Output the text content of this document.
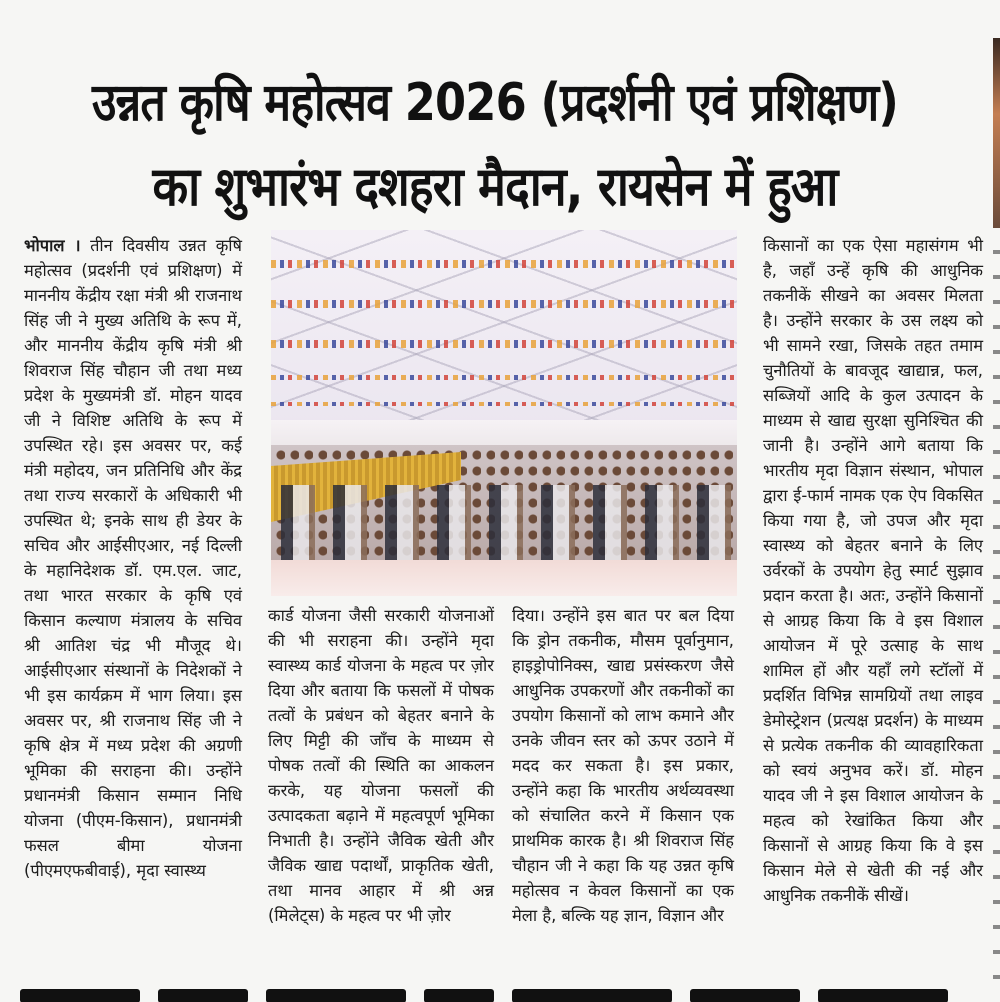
उन्नत कृषि महोत्सव 2026 (प्रदर्शनी एवं प्रशिक्षण)
का शुभारंभ दशहरा मैदान, रायसेन में हुआ

भोपाल । तीन दिवसीय उन्नत कृषि महोत्सव (प्रदर्शनी एवं प्रशिक्षण) में माननीय केंद्रीय रक्षा मंत्री श्री राजनाथ सिंह जी ने मुख्य अतिथि के रूप में, और माननीय केंद्रीय कृषि मंत्री श्री शिवराज सिंह चौहान जी तथा मध्य प्रदेश के मुख्यमंत्री डॉ. मोहन यादव जी ने विशिष्ट अतिथि के रूप में उपस्थित रहे। इस अवसर पर, कई मंत्री महोदय, जन प्रतिनिधि और केंद्र तथा राज्य सरकारों के अधिकारी भी उपस्थित थे; इनके साथ ही डेयर के सचिव और आईसीएआर, नई दिल्ली के महानिदेशक डॉ. एम.एल. जाट, तथा भारत सरकार के कृषि एवं किसान कल्याण मंत्रालय के सचिव श्री आतिश चंद्र भी मौजूद थे। आईसीएआर संस्थानों के निदेशकों ने भी इस कार्यक्रम में भाग लिया। इस अवसर पर, श्री राजनाथ सिंह जी ने कृषि क्षेत्र में मध्य प्रदेश की अग्रणी भूमिका की सराहना की। उन्होंने प्रधानमंत्री किसान सम्मान निधि योजना (पीएम-किसान), प्रधानमंत्री फसल बीमा योजना (पीएमएफबीवाई), मृदा स्वास्थ्य

कार्ड योजना जैसी सरकारी योजनाओं की भी सराहना की। उन्होंने मृदा स्वास्थ्य कार्ड योजना के महत्व पर ज़ोर दिया और बताया कि फसलों में पोषक तत्वों के प्रबंधन को बेहतर बनाने के लिए मिट्टी की जाँच के माध्यम से पोषक तत्वों की स्थिति का आकलन करके, यह योजना फसलों की उत्पादकता बढ़ाने में महत्वपूर्ण भूमिका निभाती है। उन्होंने जैविक खेती और जैविक खाद्य पदार्थों, प्राकृतिक खेती, तथा मानव आहार में श्री अन्न (मिलेट्स) के महत्व पर भी ज़ोर

दिया। उन्होंने इस बात पर बल दिया कि ड्रोन तकनीक, मौसम पूर्वानुमान, हाइड्रोपोनिक्स, खाद्य प्रसंस्करण जैसे आधुनिक उपकरणों और तकनीकों का उपयोग किसानों को लाभ कमाने और उनके जीवन स्तर को ऊपर उठाने में मदद कर सकता है। इस प्रकार, उन्होंने कहा कि भारतीय अर्थव्यवस्था को संचालित करने में किसान एक प्राथमिक कारक है। श्री शिवराज सिंह चौहान जी ने कहा कि यह उन्नत कृषि महोत्सव न केवल किसानों का एक मेला है, बल्कि यह ज्ञान, विज्ञान और

किसानों का एक ऐसा महासंगम भी है, जहाँ उन्हें कृषि की आधुनिक तकनीकें सीखने का अवसर मिलता है। उन्होंने सरकार के उस लक्ष्य को भी सामने रखा, जिसके तहत तमाम चुनौतियों के बावजूद खाद्यान्न, फल, सब्जियों आदि के कुल उत्पादन के माध्यम से खाद्य सुरक्षा सुनिश्चित की जानी है। उन्होंने आगे बताया कि भारतीय मृदा विज्ञान संस्थान, भोपाल द्वारा ई-फार्म नामक एक ऐप विकसित किया गया है, जो उपज और मृदा स्वास्थ्य को बेहतर बनाने के लिए उर्वरकों के उपयोग हेतु स्मार्ट सुझाव प्रदान करता है। अतः, उन्होंने किसानों से आग्रह किया कि वे इस विशाल आयोजन में पूरे उत्साह के साथ शामिल हों और यहाँ लगे स्टॉलों में प्रदर्शित विभिन्न सामग्रियों तथा लाइव डेमोस्ट्रेशन (प्रत्यक्ष प्रदर्शन) के माध्यम से प्रत्येक तकनीक की व्यावहारिकता को स्वयं अनुभव करें। डॉ. मोहन यादव जी ने इस विशाल आयोजन के महत्व को रेखांकित किया और किसानों से आग्रह किया कि वे इस किसान मेले से खेती की नई और आधुनिक तकनीकें सीखें।
